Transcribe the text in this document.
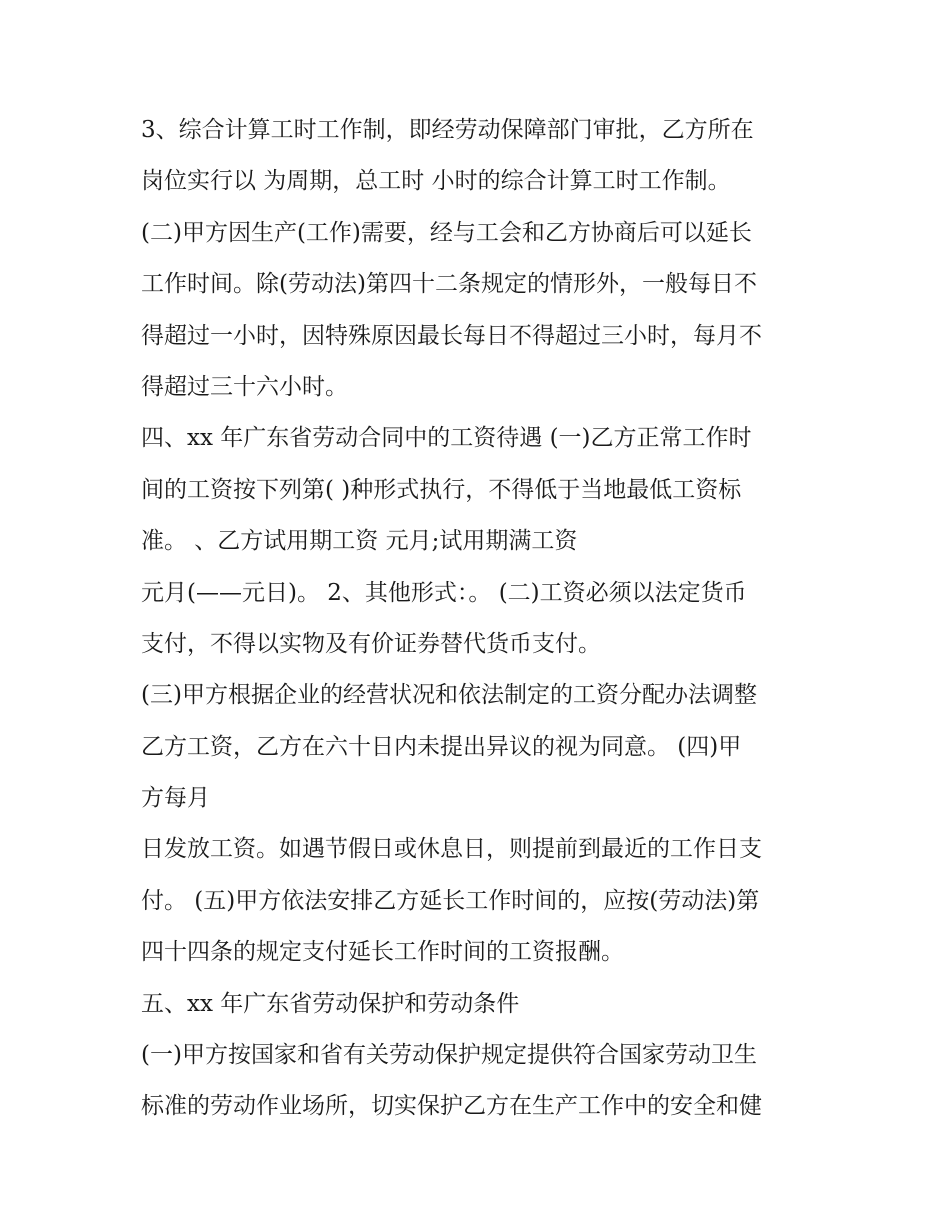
3、综合计算工时工作制，即经劳动保障部门审批，乙方所在
岗位实行以 为周期，总工时 小时的综合计算工时工作制。
(二)甲方因生产(工作)需要，经与工会和乙方协商后可以延长
工作时间。除(劳动法)第四十二条规定的情形外，一般每日不
得超过一小时，因特殊原因最长每日不得超过三小时，每月不
得超过三十六小时。
四、xx 年广东省劳动合同中的工资待遇 (一)乙方正常工作时
间的工资按下列第( )种形式执行，不得低于当地最低工资标
准。 、乙方试用期工资 元月;试用期满工资
元月(——元日)。 2、其他形式：。 (二)工资必须以法定货币
支付，不得以实物及有价证券替代货币支付。
(三)甲方根据企业的经营状况和依法制定的工资分配办法调整
乙方工资，乙方在六十日内未提出异议的视为同意。 (四)甲
方每月
日发放工资。如遇节假日或休息日，则提前到最近的工作日支
付。 (五)甲方依法安排乙方延长工作时间的，应按(劳动法)第
四十四条的规定支付延长工作时间的工资报酬。
五、xx 年广东省劳动保护和劳动条件
(一)甲方按国家和省有关劳动保护规定提供符合国家劳动卫生
标准的劳动作业场所，切实保护乙方在生产工作中的安全和健
